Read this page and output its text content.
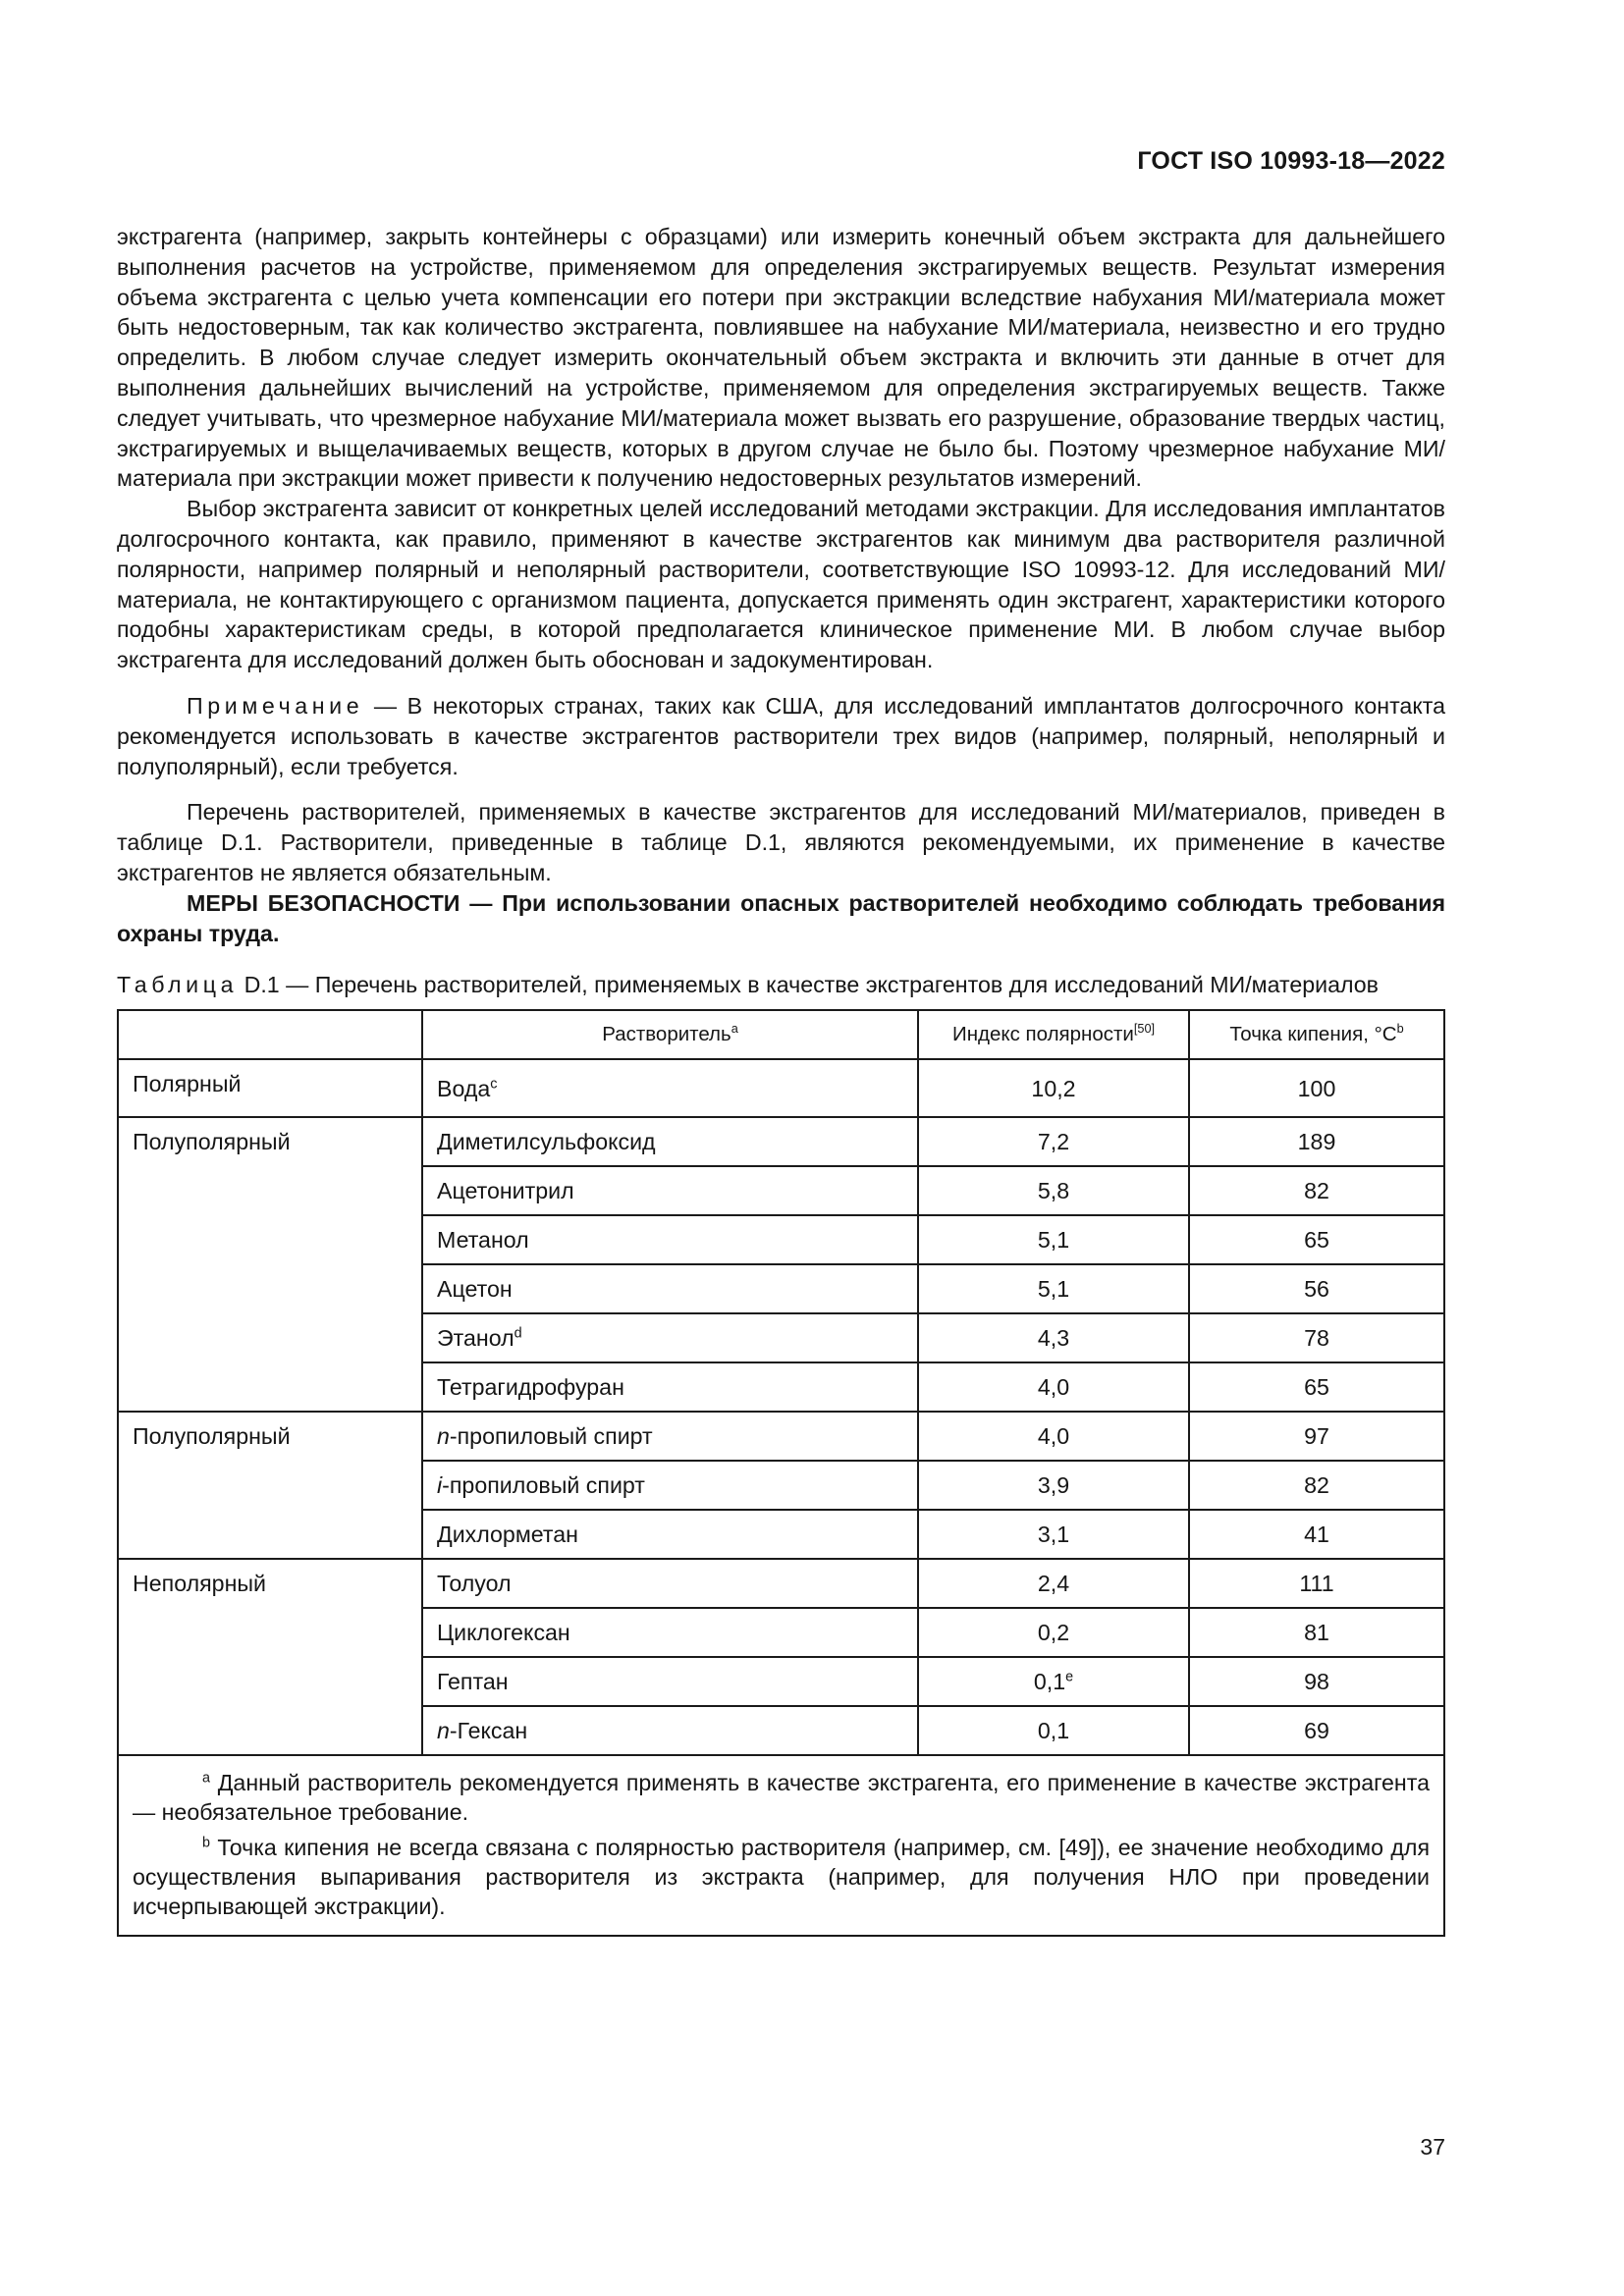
ГОСТ ISO 10993-18—2022

экстрагента (например, закрыть контейнеры с образцами) или измерить конечный объем экстракта для дальнейшего выполнения расчетов на устройстве, применяемом для определения экстрагируемых веществ. Результат измерения объема экстрагента с целью учета компенсации его потери при экстракции вследствие набухания МИ/материала может быть недостоверным, так как количество экстрагента, повлиявшее на набухание МИ/материала, неизвестно и его трудно определить. В любом случае следует измерить окончательный объем экстракта и включить эти данные в отчет для выполнения дальнейших вычислений на устройстве, применяемом для определения экстрагируемых веществ. Также следует учитывать, что чрезмерное набухание МИ/материала может вызвать его разрушение, образование твердых частиц, экстрагируемых и выщелачиваемых веществ, которых в другом случае не было бы. Поэтому чрезмерное набухание МИ/материала при экстракции может привести к получению недостоверных результатов измерений.

Выбор экстрагента зависит от конкретных целей исследований методами экстракции. Для исследования имплантатов долгосрочного контакта, как правило, применяют в качестве экстрагентов как минимум два растворителя различной полярности, например полярный и неполярный растворители, соответствующие ISO 10993-12. Для исследований МИ/материала, не контактирующего с организмом пациента, допускается применять один экстрагент, характеристики которого подобны характеристикам среды, в которой предполагается клиническое применение МИ. В любом случае выбор экстрагента для исследований должен быть обоснован и задокументирован.

Примечание — В некоторых странах, таких как США, для исследований имплантатов долгосрочного контакта рекомендуется использовать в качестве экстрагентов растворители трех видов (например, полярный, неполярный и полуполярный), если требуется.

Перечень растворителей, применяемых в качестве экстрагентов для исследований МИ/материалов, приведен в таблице D.1. Растворители, приведенные в таблице D.1, являются рекомендуемыми, их применение в качестве экстрагентов не является обязательным.

МЕРЫ БЕЗОПАСНОСТИ — При использовании опасных растворителей необходимо соблюдать требования охраны труда.

Таблица D.1 — Перечень растворителей, применяемых в качестве экстрагентов для исследований МИ/материалов

	Растворитель$^a$	Индекс полярности[50]	Точка кипения, $^\circ C^b$
Полярный	Вода$^c$	10,2	100
Полуполярный	Диметилсульфоксид	7,2	189
	Ацетонитрил	5,8	82
	Метанол	5,1	65
	Ацетон	5,1	56
	Этанол$^d$	4,3	78
	Тетрагидрофуран	4,0	65
Полуполярный	n-пропиловый спирт	4,0	97
	i-пропиловый спирт	3,9	82
	Дихлорметан	3,1	41
Неполярный	Толуол	2,4	111
	Циклогексан	0,2	81
	Гептан	0,1e	98
	n-Гексан	0,1	69

$^a$ Данный растворитель рекомендуется применять в качестве экстрагента, его применение в качестве экстрагента — необязательное требование.

$^b$ Точка кипения не всегда связана с полярностью растворителя (например, см. [49]), ее значение необходимо для осуществления выпаривания растворителя из экстракта (например, для получения НЛО при проведении исчерпывающей экстракции).			

37
